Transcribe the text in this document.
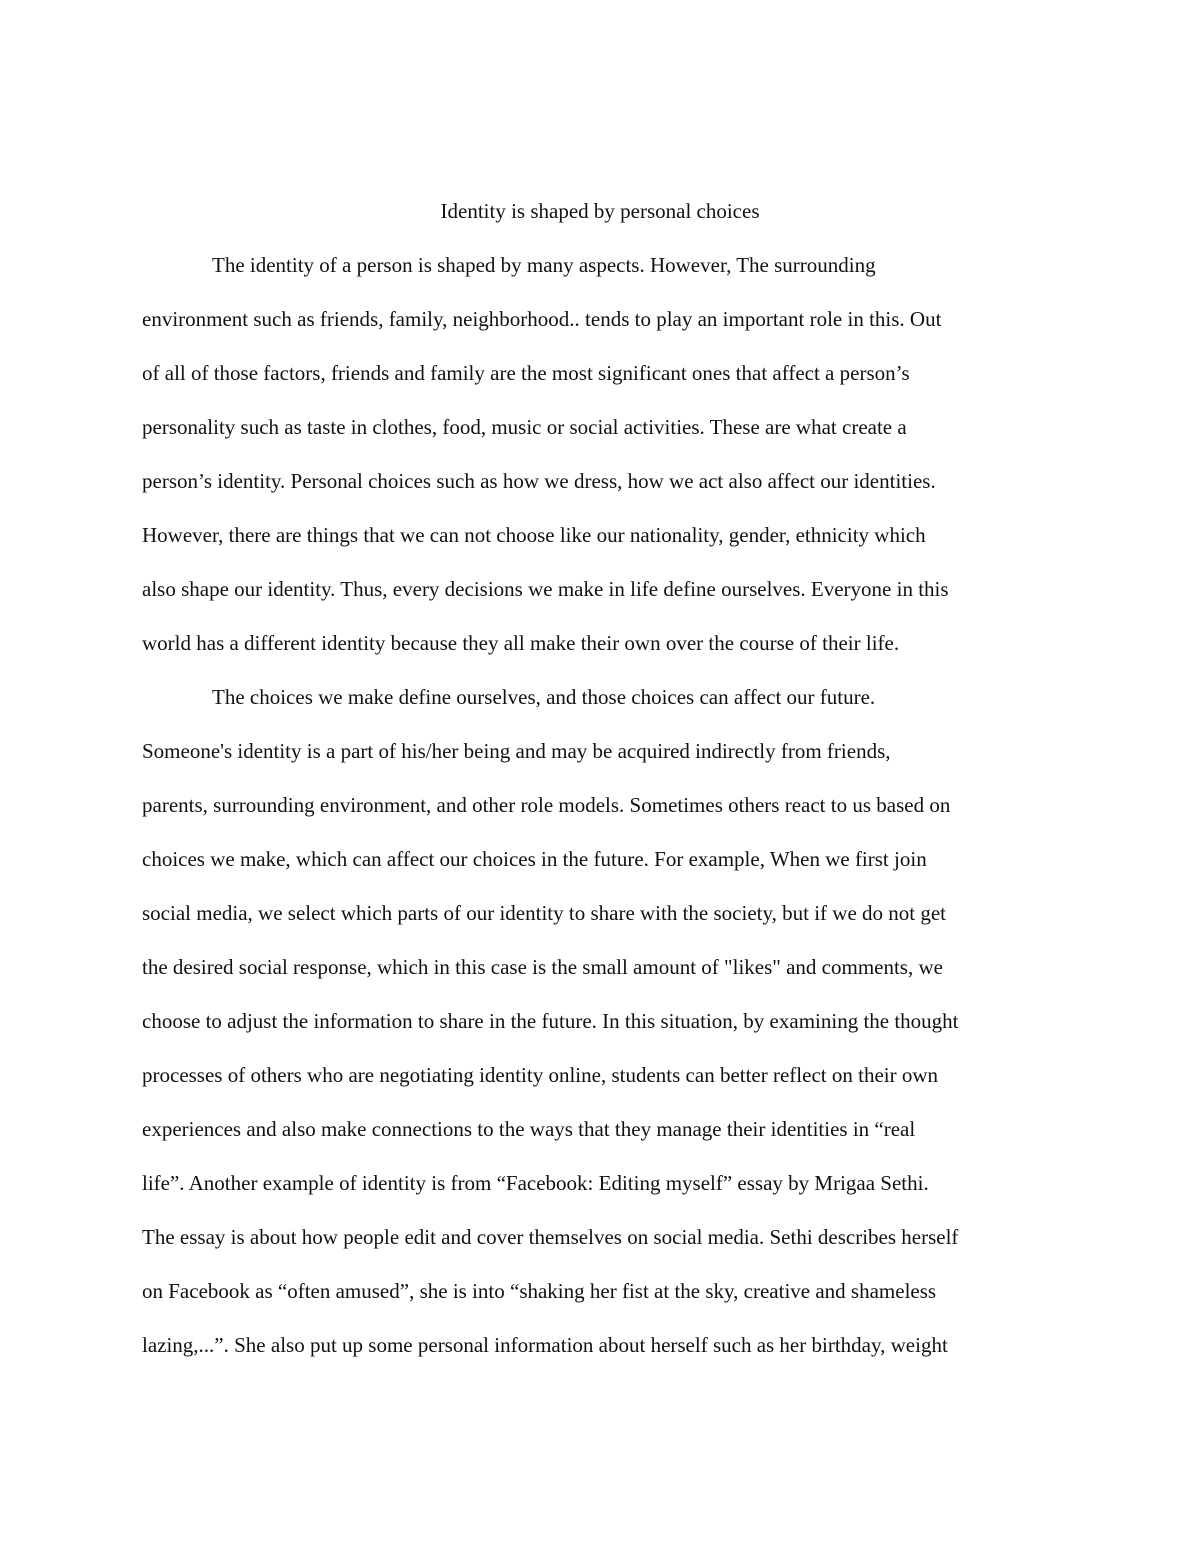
Identity is shaped by personal choices
The identity of a person is shaped by many aspects. However, The surrounding
environment such as friends, family, neighborhood.. tends to play an important role in this. Out
of all of those factors, friends and family are the most significant ones that affect a person’s
personality such as taste in clothes, food, music or social activities. These are what create a
person’s identity. Personal choices such as how we dress, how we act also affect our identities.
However, there are things that we can not choose like our nationality, gender, ethnicity which
also shape our identity. Thus, every decisions we make in life define ourselves. Everyone in this
world has a different identity because they all make their own over the course of their life.
The choices we make define ourselves, and those choices can affect our future.
Someone's identity is a part of his/her being and may be acquired indirectly from friends,
parents, surrounding environment, and other role models. Sometimes others react to us based on
choices we make, which can affect our choices in the future. For example, When we first join
social media, we select which parts of our identity to share with the society, but if we do not get
the desired social response, which in this case is the small amount of "likes" and comments, we
choose to adjust the information to share in the future. In this situation, by examining the thought
processes of others who are negotiating identity online, students can better reflect on their own
experiences and also make connections to the ways that they manage their identities in “real
life”. Another example of identity is from “Facebook: Editing myself” essay by Mrigaa Sethi.
The essay is about how people edit and cover themselves on social media. Sethi describes herself
on Facebook as “often amused”, she is into “shaking her fist at the sky, creative and shameless
lazing,...”. She also put up some personal information about herself such as her birthday, weight
